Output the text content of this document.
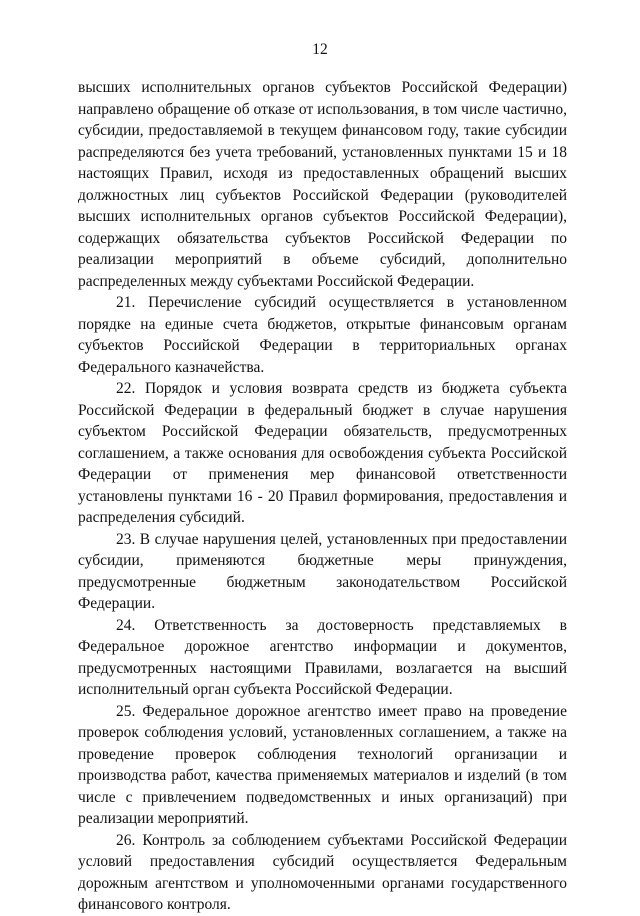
12

высших исполнительных органов субъектов Российской Федерации) направлено обращение об отказе от использования, в том числе частично, субсидии, предоставляемой в текущем финансовом году, такие субсидии распределяются без учета требований, установленных пунктами 15 и 18 настоящих Правил, исходя из предоставленных обращений высших должностных лиц субъектов Российской Федерации (руководителей высших исполнительных органов субъектов Российской Федерации), содержащих обязательства субъектов Российской Федерации по реализации мероприятий в объеме субсидий, дополнительно распределенных между субъектами Российской Федерации.

21. Перечисление субсидий осуществляется в установленном порядке на единые счета бюджетов, открытые финансовым органам субъектов Российской Федерации в территориальных органах Федерального казначейства.

22. Порядок и условия возврата средств из бюджета субъекта Российской Федерации в федеральный бюджет в случае нарушения субъектом Российской Федерации обязательств, предусмотренных соглашением, а также основания для освобождения субъекта Российской Федерации от применения мер финансовой ответственности установлены пунктами 16 - 20 Правил формирования, предоставления и распределения субсидий.

23. В случае нарушения целей, установленных при предоставлении субсидии, применяются бюджетные меры принуждения, предусмотренные бюджетным законодательством Российской Федерации.

24. Ответственность за достоверность представляемых в Федеральное дорожное агентство информации и документов, предусмотренных настоящими Правилами, возлагается на высший исполнительный орган субъекта Российской Федерации.

25. Федеральное дорожное агентство имеет право на проведение проверок соблюдения условий, установленных соглашением, а также на проведение проверок соблюдения технологий организации и производства работ, качества применяемых материалов и изделий (в том числе с привлечением подведомственных и иных организаций) при реализации мероприятий.

26. Контроль за соблюдением субъектами Российской Федерации условий предоставления субсидий осуществляется Федеральным дорожным агентством и уполномоченными органами государственного финансового контроля.
